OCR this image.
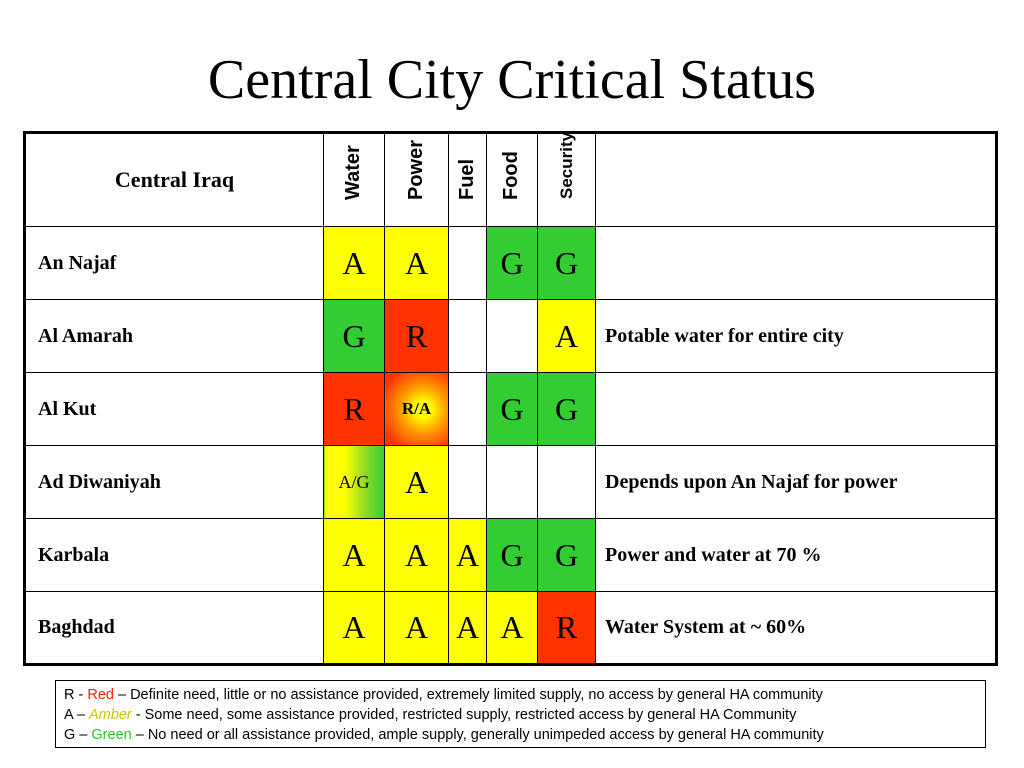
Central City Critical Status
Central Iraq	Water	Power	Fuel	Food	Security	

An Najaf	A	A		G	G	
Al Amarah	G	R			A	Potable water for entire city
Al Kut	R	R/A		G	G	
Ad Diwaniyah	A/G	A				Depends upon An Najaf for power
Karbala	A	A	A	G	G	Power and water at 70 %
Baghdad	A	A	A	A	R	Water System at ~ 60%
R - Red – Definite need, little or no assistance provided, extremely limited supply, no access by general HA community
A – Amber - Some need, some assistance provided, restricted supply, restricted access by general HA Community
G – Green – No need or all assistance provided, ample supply, generally unimpeded access by general HA community
